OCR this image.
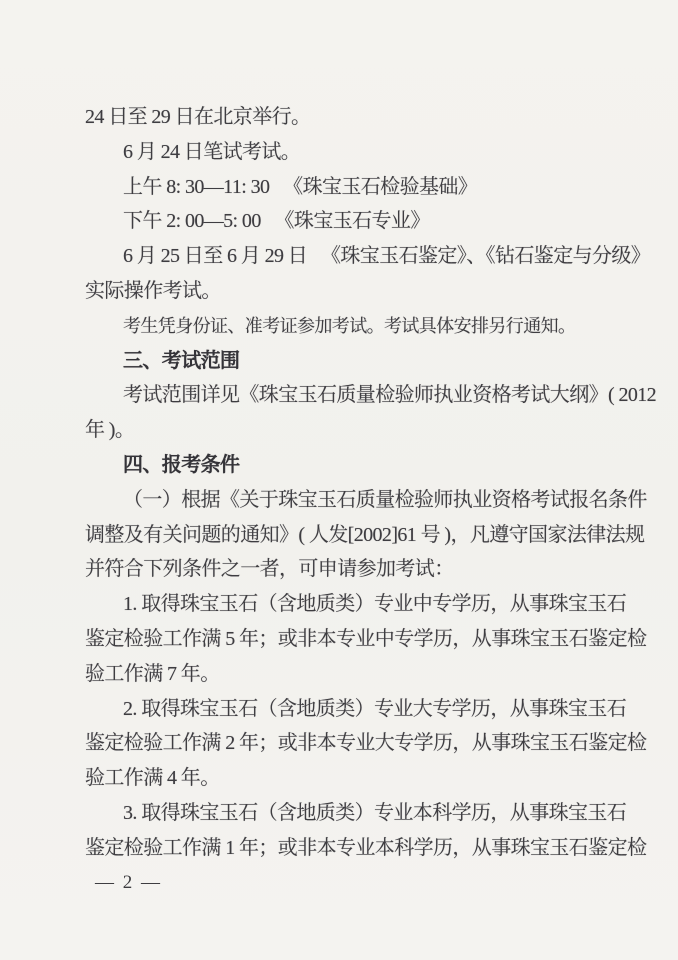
24 日至 29 日在北京举行。

6 月 24 日笔试考试。

上午 8: 30—11: 30 　《珠宝玉石检验基础》

下午 2: 00—5: 00 　《珠宝玉石专业》

6 月 25 日至 6 月 29 日 　《珠宝玉石鉴定》、《钻石鉴定与分级》

实际操作考试。

考生凭身份证、准考证参加考试。考试具体安排另行通知。

三、考试范围

考试范围详见《珠宝玉石质量检验师执业资格考试大纲》( 2012

年 )。

四、报考条件

（一）根据《关于珠宝玉石质量检验师执业资格考试报名条件

调整及有关问题的通知》( 人发[2002]61 号 )，凡遵守国家法律法规

并符合下列条件之一者，可申请参加考试：

1. 取得珠宝玉石（含地质类）专业中专学历，从事珠宝玉石

鉴定检验工作满 5 年；或非本专业中专学历，从事珠宝玉石鉴定检

验工作满 7 年。

2. 取得珠宝玉石（含地质类）专业大专学历，从事珠宝玉石

鉴定检验工作满 2 年；或非本专业大专学历，从事珠宝玉石鉴定检

验工作满 4 年。

3. 取得珠宝玉石（含地质类）专业本科学历，从事珠宝玉石

鉴定检验工作满 1 年；或非本专业本科学历，从事珠宝玉石鉴定检

— 2 —
